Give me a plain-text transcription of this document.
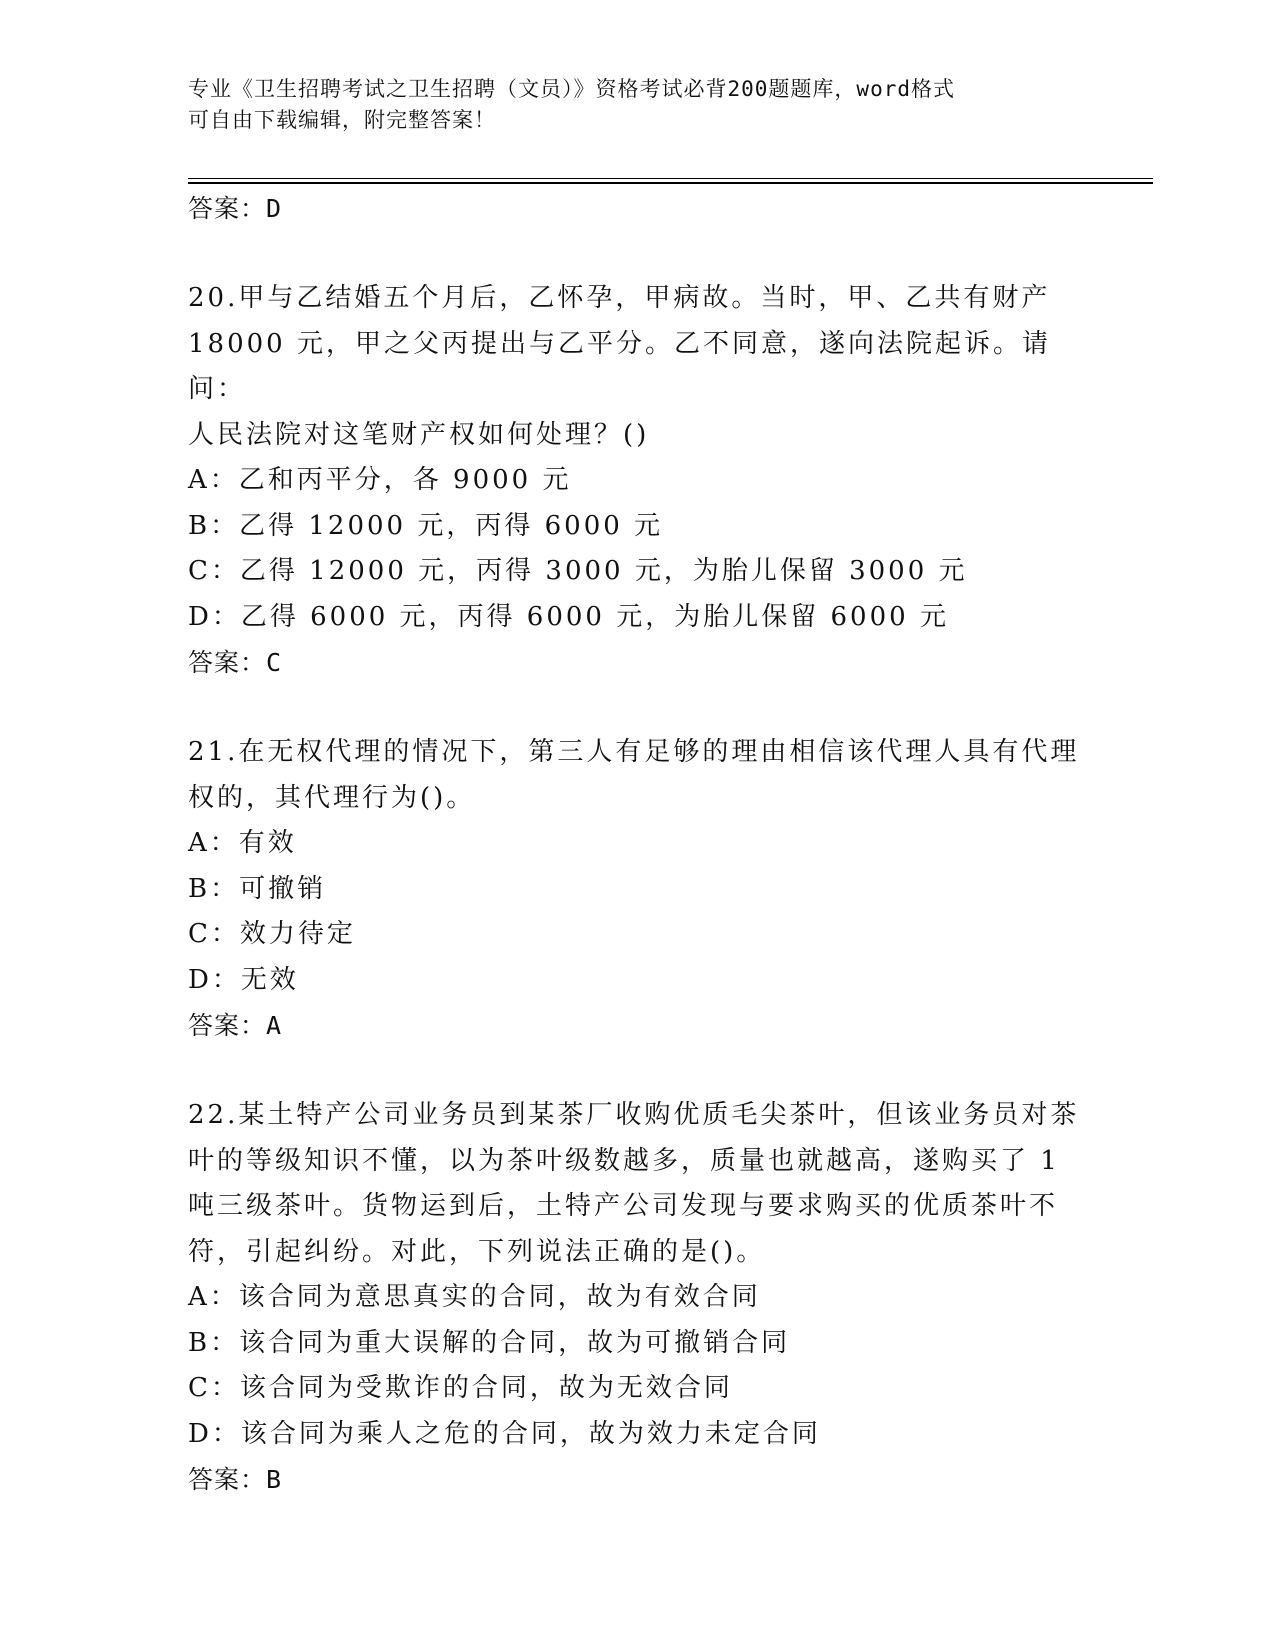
专业《卫生招聘考试之卫生招聘（文员）》资格考试必背200题题库，word格式
可自由下载编辑，附完整答案！
答案：D
20.甲与乙结婚五个月后，乙怀孕，甲病故。当时，甲、乙共有财产
18000 元，甲之父丙提出与乙平分。乙不同意，遂向法院起诉。请问：
人民法院对这笔财产权如何处理？()
A：乙和丙平分，各 9000 元
B：乙得 12000 元，丙得 6000 元
C：乙得 12000 元，丙得 3000 元，为胎儿保留 3000 元
D：乙得 6000 元，丙得 6000 元，为胎儿保留 6000 元
答案：C
21.在无权代理的情况下，第三人有足够的理由相信该代理人具有代理
权的，其代理行为()。
A：有效
B：可撤销
C：效力待定
D：无效
答案：A
22.某土特产公司业务员到某茶厂收购优质毛尖茶叶，但该业务员对茶
叶的等级知识不懂，以为茶叶级数越多，质量也就越高，遂购买了 1
吨三级茶叶。货物运到后，土特产公司发现与要求购买的优质茶叶不
符，引起纠纷。对此，下列说法正确的是()。
A：该合同为意思真实的合同，故为有效合同
B：该合同为重大误解的合同，故为可撤销合同
C：该合同为受欺诈的合同，故为无效合同
D：该合同为乘人之危的合同，故为效力未定合同
答案：B
